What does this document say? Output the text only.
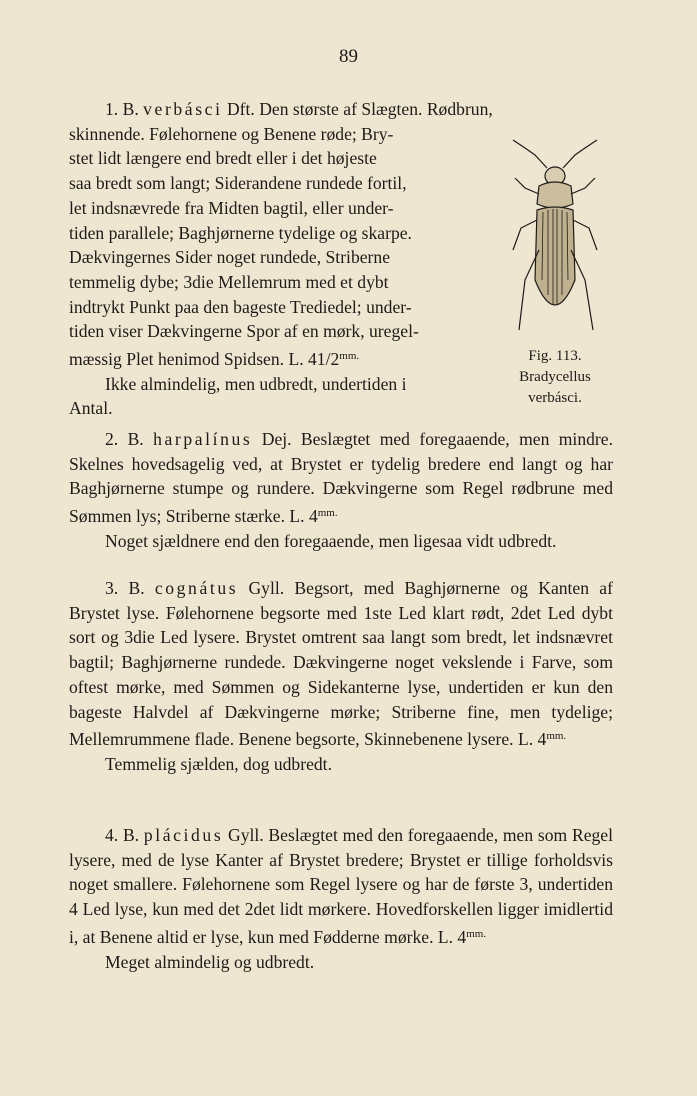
89

1. B. verbásci Dft. Den største af Slægten. Rødbrun,

skinnende. Følehornene og Benene røde; Bry-
stet lidt længere end bredt eller i det højeste
saa bredt som langt; Siderandene rundede fortil,
let indsnævrede fra Midten bagtil, eller under-
tiden parallele; Baghjørnerne tydelige og skarpe.
Dækvingernes Sider noget rundede, Striberne
temmelig dybe; 3die Mellemrum med et dybt
indtrykt Punkt paa den bageste Trediedel; under-
tiden viser Dækvingerne Spor af en mørk, uregel-
mæssig Plet henimod Spidsen. L. $41/2^{mm.}$
Ikke almindelig, men udbredt, undertiden i
Antal.
Fig. 113.
Bradycellus
verbásci.

2. B. harpalínus Dej. Beslægtet med foregaaende, men mindre. Skelnes hovedsagelig ved, at Brystet er tydelig bredere end langt og har Baghjørnerne stumpe og rundere. Dækvingerne som Regel rødbrune med Sømmen lys; Striberne stærke. L. $4^{mm.}$

Noget sjældnere end den foregaaende, men ligesaa vidt udbredt.

3. B. cognátus Gyll. Begsort, med Baghjørnerne og Kanten af Brystet lyse. Følehornene begsorte med 1ste Led klart rødt, 2det Led dybt sort og 3die Led lysere. Brystet omtrent saa langt som bredt, let indsnævret bagtil; Baghjørnerne rundede. Dækvingerne noget vekslende i Farve, som oftest mørke, med Sømmen og Sidekanterne lyse, undertiden er kun den bageste Halvdel af Dækvingerne mørke; Striberne fine, men tydelige; Mellemrummene flade. Benene begsorte, Skinnebenene lysere. L. $4^{mm.}$

Temmelig sjælden, dog udbredt.

4. B. plácidus Gyll. Beslægtet med den foregaaende, men som Regel lysere, med de lyse Kanter af Brystet bredere; Brystet er tillige forholdsvis noget smallere. Følehornene som Regel lysere og har de første 3, undertiden 4 Led lyse, kun med det 2det lidt mørkere. Hovedforskellen ligger imidlertid i, at Benene altid er lyse, kun med Fødderne mørke. L. $4^{mm.}$

Meget almindelig og udbredt.
